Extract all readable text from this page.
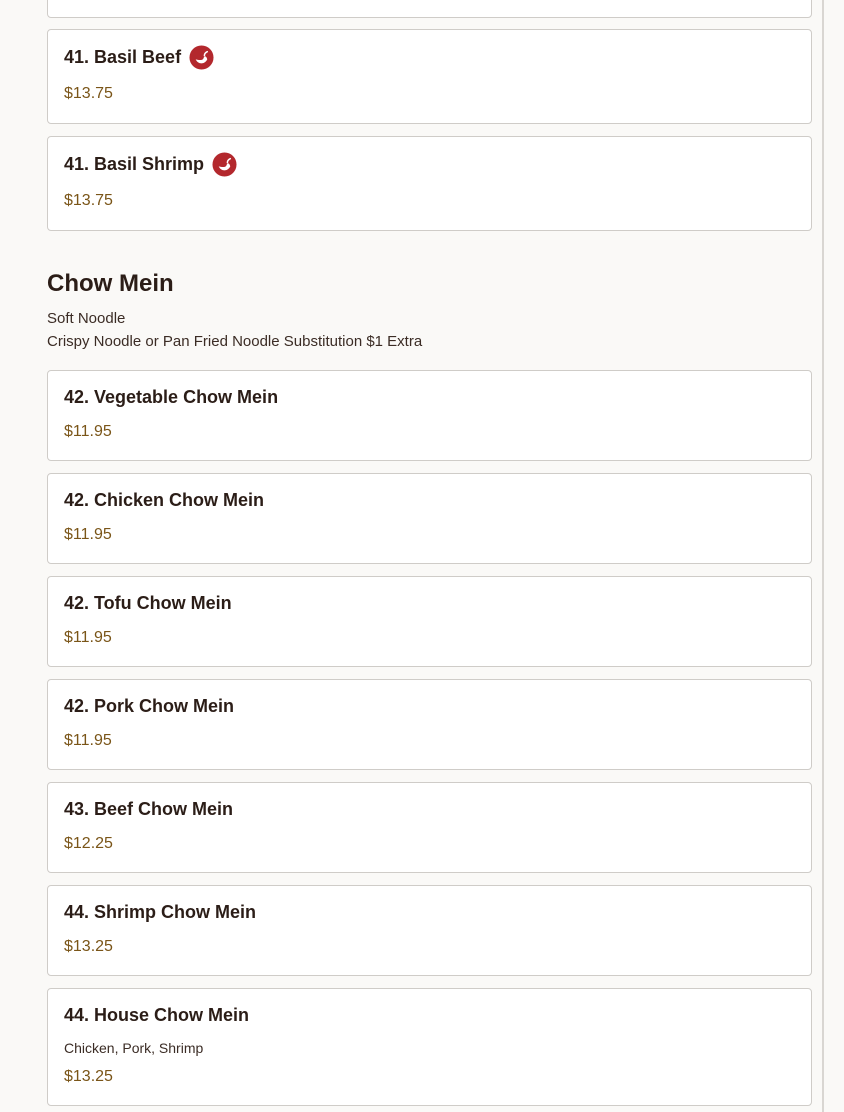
41. Basil Beef
$13.75
41. Basil Shrimp
$13.75
Chow Mein
Soft Noodle
Crispy Noodle or Pan Fried Noodle Substitution $1 Extra
42. Vegetable Chow Mein
$11.95
42. Chicken Chow Mein
$11.95
42. Tofu Chow Mein
$11.95
42. Pork Chow Mein
$11.95
43. Beef Chow Mein
$12.25
44. Shrimp Chow Mein
$13.25
44. House Chow Mein
Chicken, Pork, Shrimp
$13.25
